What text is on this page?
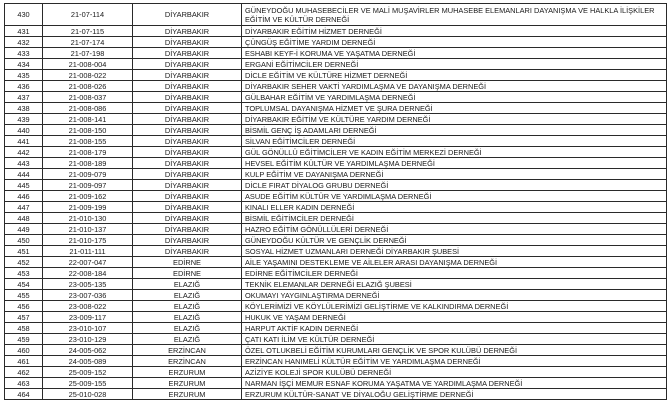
430	21-07-114	DİYARBAKIR	GÜNEYDOĞU MUHASEBECİLER VE MALİ MUŞAVİRLER MUHASEBE ELEMANLARI DAYANIŞMA VE HALKLA İLİŞKİLER EĞİTİM VE KÜLTÜR DERNEĞİ
431	21-07-115	DİYARBAKIR	DİYARBAKIR EĞİTİM HİZMET DERNEĞİ
432	21-07-174	DİYARBAKIR	ÇÜNGÜŞ EĞİTİME YARDIM DERNEĞİ
433	21-07-198	DİYARBAKIR	ESHABI KEYF-İ KORUMA VE YAŞATMA DERNEĞİ
434	21-008-004	DİYARBAKIR	ERGANİ EĞİTİMCİLER DERNEĞİ
435	21-008-022	DİYARBAKIR	DİCLE EĞİTİM VE KÜLTÜRE HİZMET DERNEĞİ
436	21-008-026	DİYARBAKIR	DİYARBAKIR SEHER VAKTİ YARDIMLAŞMA VE DAYANIŞMA DERNEĞİ
437	21-008-037	DİYARBAKIR	GÜLBAHAR EĞİTİM VE YARDIMLAŞMA DERNEĞİ
438	21-008-086	DİYARBAKIR	TOPLUMSAL DAYANIŞMA HİZMET VE ŞURA DERNEĞİ
439	21-008-141	DİYARBAKIR	DİYARBAKIR EĞİTİM VE KÜLTÜRE YARDIM DERNEĞİ
440	21-008-150	DİYARBAKIR	BİSMİL GENÇ İŞ ADAMLARI DERNEĞİ
441	21-008-155	DİYARBAKIR	SİLVAN EĞİTİMCİLER DERNEĞİ
442	21-008-179	DİYARBAKIR	GÜL GÖNÜLLÜ EĞİTİMCİLER VE KADIN EĞİTİM MERKEZİ DERNEĞİ
443	21-008-189	DİYARBAKIR	HEVSEL EĞİTİM KÜLTÜR VE YARDIMLAŞMA DERNEĞİ
444	21-009-079	DİYARBAKIR	KULP EĞİTİM VE DAYANIŞMA DERNEĞİ
445	21-009-097	DİYARBAKIR	DİCLE FIRAT DİYALOG GRUBU DERNEĞİ
446	21-009-162	DİYARBAKIR	ASUDE EĞİTİM KÜLTÜR VE YARDIMLAŞMA DERNEĞİ
447	21-009-199	DİYARBAKIR	KINALI ELLER KADIN DERNEĞİ
448	21-010-130	DİYARBAKIR	BİSMİL EĞİTİMCİLER DERNEĞİ
449	21-010-137	DİYARBAKIR	HAZRO EĞİTİM GÖNÜLLÜLERİ DERNEĞİ
450	21-010-175	DİYARBAKIR	GÜNEYDOĞU KÜLTÜR VE GENÇLİK DERNEĞİ
451	21-011-111	DİYARBAKIR	SOSYAL HİZMET UZMANLARI DERNEĞİ DİYARBAKIR ŞUBESİ
452	22-007-047	EDİRNE	AİLE YAŞAMINI DESTEKLEME VE AİLELER ARASI DAYANIŞMA DERNEĞİ
453	22-008-184	EDİRNE	EDİRNE EĞİTİMCİLER DERNEĞİ
454	23-005-135	ELAZIĞ	TEKNİK ELEMANLAR DERNEĞİ ELAZIĞ ŞUBESİ
455	23-007-036	ELAZIĞ	OKUMAYI YAYGINLAŞTIRMA DERNEĞİ
456	23-008-022	ELAZIĞ	KÖYLERİMİZİ VE KÖYLÜLERİMİZİ GELİŞTİRME VE KALKINDIRMA DERNEĞİ
457	23-009-117	ELAZIĞ	HUKUK VE YAŞAM DERNEĞİ
458	23-010-107	ELAZIĞ	HARPUT AKTİF KADIN DERNEĞİ
459	23-010-129	ELAZIĞ	ÇATI KATI İLİM VE KÜLTÜR DERNEĞİ
460	24-005-062	ERZİNCAN	ÖZEL OTLUKBELİ EĞİTİM KURUMLARI GENÇLİK VE SPOR KULÜBÜ DERNEĞİ
461	24-005-089	ERZİNCAN	ERZİNCAN HANIMELİ KÜLTÜR EĞİTİM VE YARDIMLAŞMA DERNEĞİ
462	25-009-152	ERZURUM	AZİZİYE KOLEJİ SPOR KULÜBÜ DERNEĞİ
463	25-009-155	ERZURUM	NARMAN İŞÇİ MEMUR ESNAF KORUMA YAŞATMA VE YARDIMLAŞMA DERNEĞİ
464	25-010-028	ERZURUM	ERZURUM KÜLTÜR-SANAT VE DİYALOĞU GELİŞTİRME DERNEĞİ
